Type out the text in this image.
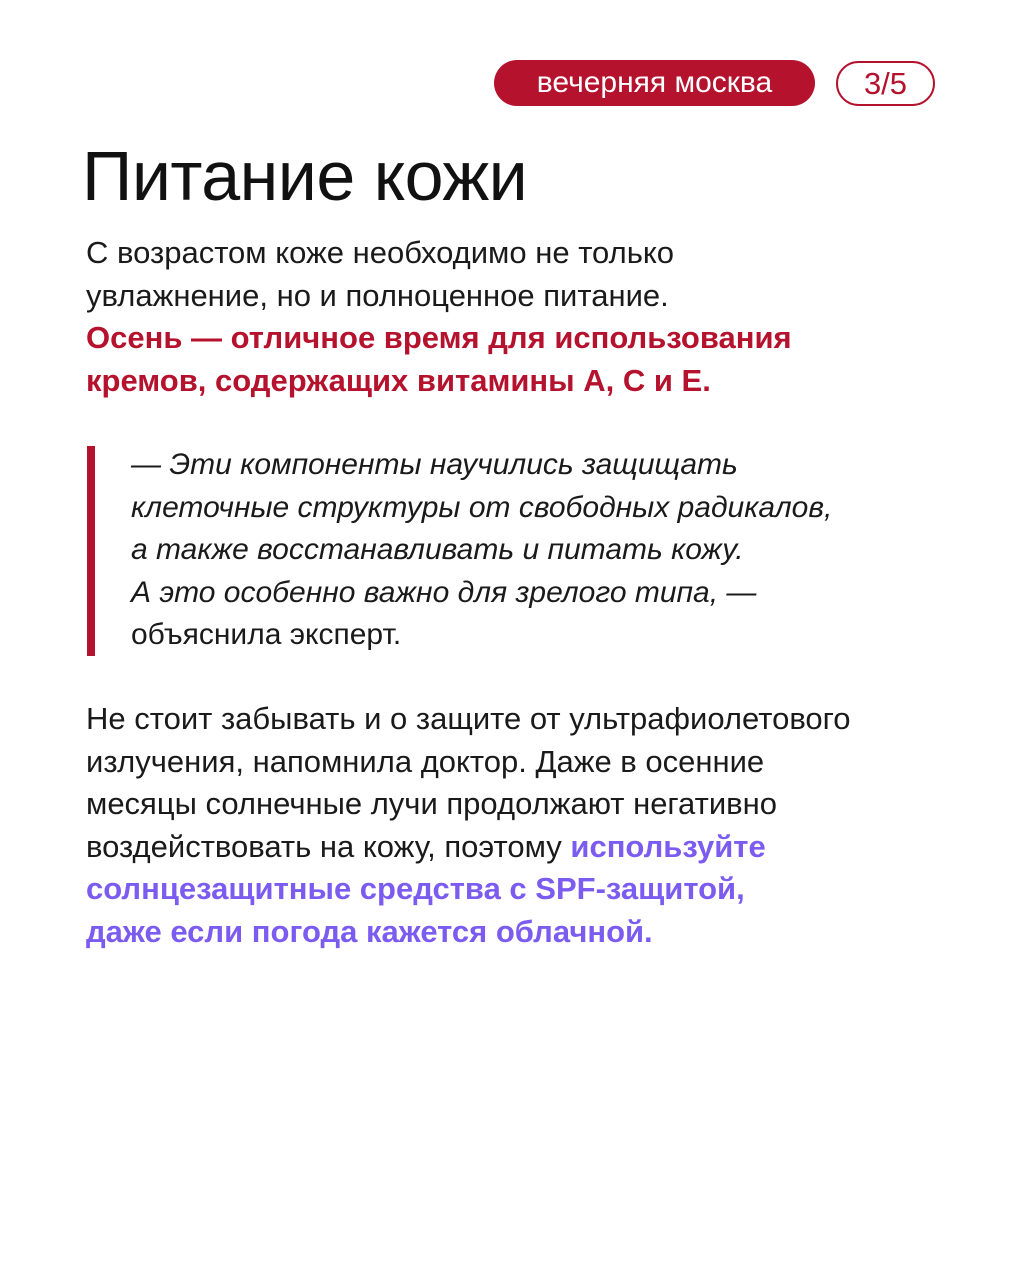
вечерняя москва	3/5
Питание кожи

С возрастом коже необходимо не только
увлажнение, но и полноценное питание.
Осень — отличное время для использования
кремов, содержащих витамины А, С и Е.

— Эти компоненты научились защищать
клеточные структуры от свободных радикалов,
а также восстанавливать и питать кожу.
А это особенно важно для зрелого типа, —
объяснила эксперт.

Не стоит забывать и о защите от ультрафиолетового
излучения, напомнила доктор. Даже в осенние
месяцы солнечные лучи продолжают негативно
воздействовать на кожу, поэтому используйте
солнцезащитные средства с SPF-защитой,
даже если погода кажется облачной.
